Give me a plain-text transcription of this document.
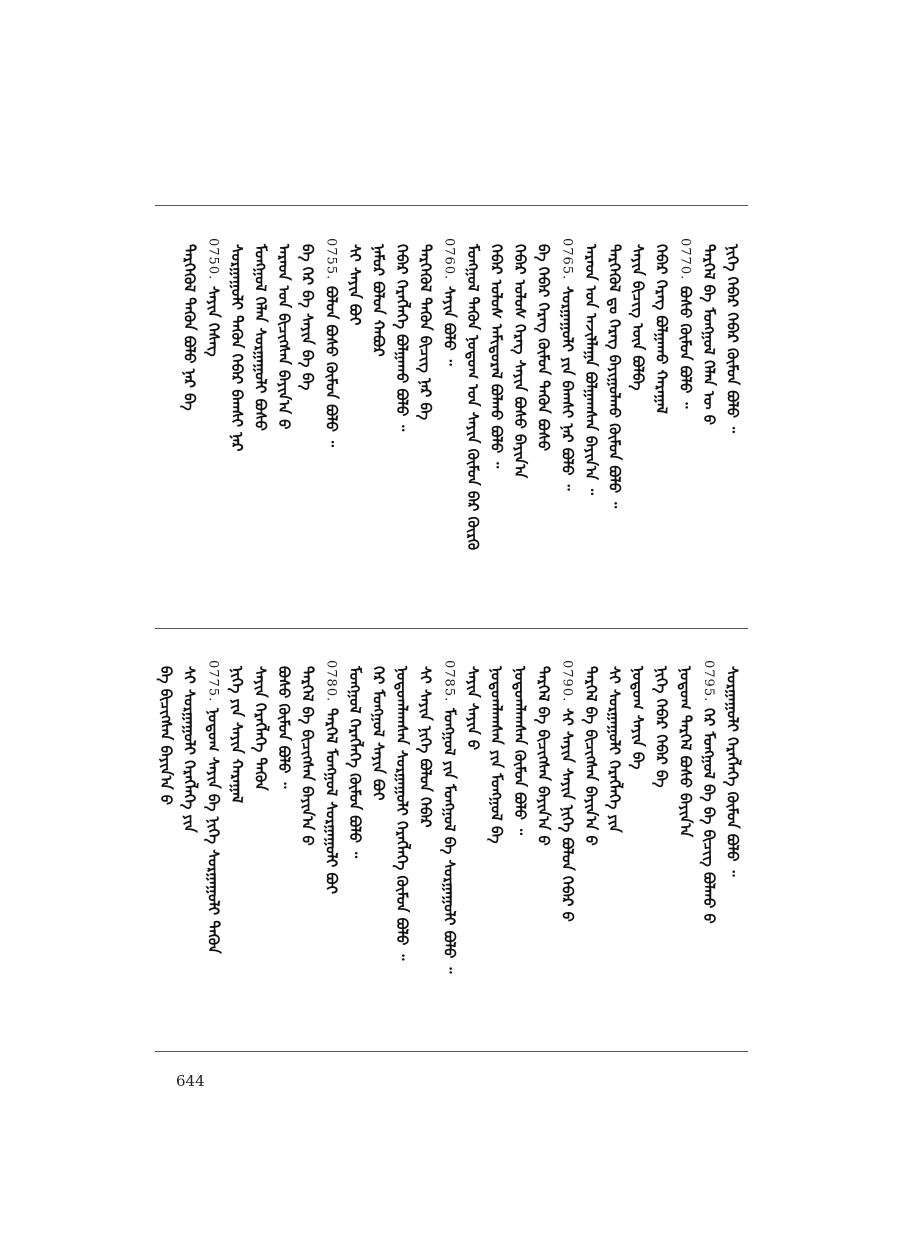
ᠨᠢᠭᠡ ᠬᠡᠪᠡᠷ ᠬᠡᠪᠡᠷ ᠬᠦᠮᠦᠨ ᠪᠣᠯᠤ ᠃
ᠲᠡᠷᠭᠡᠯ ᠪᠠ ᠮᠣᠩᠭᠣᠯ ᠬᠡᠯᠡᠨ ᠦ ᠪ
0770.
ᠪᠤᠰᠤ ᠬᠦᠮᠦᠨ ᠪᠣᠯᠤ ᠃
ᠬᠡᠪᠡᠷ ᠬᠡᠷᠡᠭ ᠪᠣᠯᠭᠠᠬᠤ ᠬᠠᠷᠠᠭᠠᠯ
ᠰᠠᠶᠢᠨ ᠪᠢᠴᠢᠭ ᠦᠨ ᠪᠣᠯᠪᠠ
ᠲᠡᠷᠭᠡᠭᠦᠯ ᠳᠤ ᠬᠡᠷᠡᠭ ᠪᠠᠶᠢᠭᠤᠯᠬᠤ ᠬᠦᠮᠦᠨ ᠪᠣᠯᠤ ᠃
ᠠᠷᠠᠳ ᠤᠨ ᠠᠵᠢᠯᠯᠠᠭᠠ ᠪᠣᠯᠭᠠᠭᠰᠠᠨ ᠪᠠᠶᠢᠨ᠎ᠠ ᠃
0765.
ᠰᠤᠷᠭᠠᠭᠤᠯᠢ ᠶᠢᠨ ᠪᠠᠭᠰᠢ ᠨᠠᠷ ᠪᠣᠯᠤ ᠃
ᠪᠠ ᠬᠡᠪᠡᠷ ᠬᠡᠷᠡᠭ ᠬᠦᠮᠦᠨ ᠲᠡᠭᠦᠨ ᠪᠤᠰᠤ
ᠬᠡᠪᠡᠷ ᠤᠯᠤᠰ ᠬᠡᠷᠡᠭ ᠰᠠᠶᠢᠨ ᠪᠤᠰᠤ ᠪᠠᠶᠢᠨ᠎ᠠ
ᠬᠡᠪᠡᠷ ᠤᠯᠤᠰ ᠠᠮᠢᠳᠤᠷᠠᠯ ᠪᠣᠯᠬᠤ ᠪᠣᠯᠤ ᠃
ᠮᠣᠩᠭᠣᠯ ᠲᠡᠭᠦᠨ ᠨᠤᠲᠤᠭ ᠤᠨ ᠰᠠᠶᠢᠨ ᠬᠦᠮᠦᠨ ᠪᠠᠷ ᠬᠦᠷᠬᠦ
0760.
ᠰᠠᠶᠢᠨ ᠪᠣᠯᠤ ᠃
ᠲᠡᠷᠭᠡᠭᠦᠯ ᠲᠡᠭᠦᠨ ᠪᠢᠴᠢᠭ ᠨᠠᠷ ᠪᠠ
ᠬᠡᠪᠡᠷ ᠬᠡᠷᠡᠭᠯᠡᠭᠡ ᠪᠣᠯᠭᠠᠬᠤ ᠪᠣᠯᠤ ᠃
ᠨᠠᠮᠤᠷ ᠪᠣᠯᠤᠨ ᠬᠠᠪᠤᠷ
ᠰᠢ ᠰᠠᠶᠢᠨ ᠪᠤᠢ
0755.
ᠪᠣᠯᠤᠨ ᠪᠤᠰᠤ ᠬᠦᠮᠦᠨ ᠪᠣᠯᠤ ᠃
ᠪᠠ ᠬᠡᠷ ᠪᠠ ᠰᠠᠶᠢᠨ ᠪᠠ ᠪᠠ
ᠠᠷᠠᠳ ᠤᠨ ᠪᠢᠴᠢᠭᠰᠡᠨ ᠪᠠᠶᠢᠨ᠎ᠠ ᠪ
ᠮᠣᠩᠭᠣᠯ ᠬᠡᠯᠡᠨ ᠰᠤᠷᠭᠠᠭᠤᠯᠢ ᠪᠤᠰᠤ
ᠰᠤᠷᠭᠠᠭᠤᠯᠢ ᠲᠡᠭᠦᠨ ᠬᠡᠪᠡᠷ ᠪᠠᠭᠰᠢ ᠨᠠᠷ
0750.
ᠰᠠᠶᠢᠨ ᠬᠡᠰᠡᠭ
ᠲᠡᠷᠭᠡᠭᠦᠯ ᠲᠡᠭᠦᠨ ᠪᠣᠯᠤ ᠨᠠᠷ ᠪᠠ
ᠰᠤᠷᠭᠠᠭᠤᠯᠢ ᠬᠡᠷᠡᠭᠯᠡᠭᠡ ᠬᠦᠮᠦᠨ ᠪᠣᠯᠤ ᠃
0795.
ᠬᠡᠷ ᠮᠣᠩᠭᠣᠯ ᠪᠠ ᠪᠠ ᠪᠢᠴᠢᠭ ᠪᠣᠯᠬᠤ ᠪ
ᠨᠤᠲᠤᠭ ᠲᠡᠷᠭᠡᠯ ᠪᠤᠰᠤ ᠪᠠᠶᠢᠨ᠎ᠠ
ᠨᠢᠭᠡ ᠬᠡᠪᠡᠷ ᠬᠡᠪᠡᠷ ᠪᠠ
ᠨᠤᠲᠤᠭ ᠰᠠᠶᠢᠨ ᠪᠠ
ᠰᠢ ᠰᠤᠷᠭᠠᠭᠤᠯᠢ ᠬᠡᠷᠡᠭᠯᠡᠭᠡ ᠶᠢᠨ
ᠲᠡᠷᠭᠡᠯ ᠪᠠ ᠪᠢᠴᠢᠭᠰᠡᠨ ᠪᠠᠶᠢᠨ᠎ᠠ ᠪ
0790.
ᠰᠢ ᠰᠠᠶᠢᠨ ᠰᠠᠶᠢᠨ ᠨᠢᠭᠡ ᠪᠣᠯᠤᠨ ᠬᠡᠪᠡᠷ ᠪ
ᠲᠡᠷᠭᠡᠯ ᠪᠠ ᠪᠢᠴᠢᠭᠰᠡᠨ ᠪᠠᠶᠢᠨ᠎ᠠ ᠪ
ᠨᠤᠲᠤᠭᠯᠠᠭᠰᠠᠨ ᠬᠦᠮᠦᠨ ᠪᠣᠯᠤ ᠃
ᠨᠤᠲᠤᠭᠯᠠᠭᠰᠠᠨ ᠶᠢᠨ ᠮᠣᠩᠭᠣᠯ ᠪᠠ
ᠰᠠᠶᠢᠨ ᠰᠠᠶᠢᠨ ᠪ
0785.
ᠮᠣᠩᠭᠣᠯ ᠶᠢᠨ ᠮᠣᠩᠭᠣᠯ ᠪᠠ ᠰᠤᠷᠭᠠᠭᠤᠯᠢ ᠪᠣᠯᠤ ᠃
ᠰᠢ ᠰᠠᠶᠢᠨ ᠨᠢᠭᠡ ᠪᠣᠯᠤᠨ ᠬᠡᠪᠡᠷ
ᠨᠤᠲᠤᠭᠯᠠᠭᠰᠠᠨ ᠰᠤᠷᠭᠠᠭᠤᠯᠢ ᠬᠡᠷᠡᠭᠯᠡᠭᠡ ᠬᠦᠮᠦᠨ ᠪᠣᠯᠤ ᠃
ᠬᠡᠷ ᠮᠣᠩᠭᠣᠯ ᠰᠠᠶᠢᠨ ᠪᠤᠢ
ᠮᠣᠩᠭᠣᠯ ᠬᠡᠷᠡᠭᠯᠡᠭᠡ ᠬᠦᠮᠦᠨ ᠪᠣᠯᠤ ᠃
0780.
ᠲᠡᠷᠭᠡᠯ ᠮᠣᠩᠭᠣᠯ ᠰᠤᠷᠭᠠᠭᠤᠯᠢ ᠪᠤᠢ
ᠲᠡᠷᠭᠡᠯ ᠪᠠ ᠪᠢᠴᠢᠭᠰᠡᠨ ᠪᠠᠶᠢᠨ᠎ᠠ ᠪ
ᠪᠤᠰᠤ ᠬᠦᠮᠦᠨ ᠪᠣᠯᠤ ᠃
ᠰᠠᠶᠢᠨ ᠬᠡᠷᠡᠭᠯᠡᠭᠡ ᠲᠡᠭᠦᠨ
ᠨᠢᠭᠡ ᠶᠢᠨ ᠰᠠᠶᠢᠨ ᠬᠠᠷᠠᠭᠠᠯ
0775.
ᠨᠤᠲᠤᠭ ᠰᠠᠶᠢᠨ ᠪᠠ ᠨᠢᠭᠡ ᠰᠤᠷᠭᠠᠭᠤᠯᠢ ᠲᠡᠭᠦᠨ
ᠰᠢ ᠰᠤᠷᠭᠠᠭᠤᠯᠢ ᠬᠡᠷᠡᠭᠯᠡᠭᠡ ᠶᠢᠨ
ᠪᠠ ᠪᠢᠴᠢᠭᠰᠡᠨ ᠪᠠᠶᠢᠨ᠎ᠠ ᠪ
644
